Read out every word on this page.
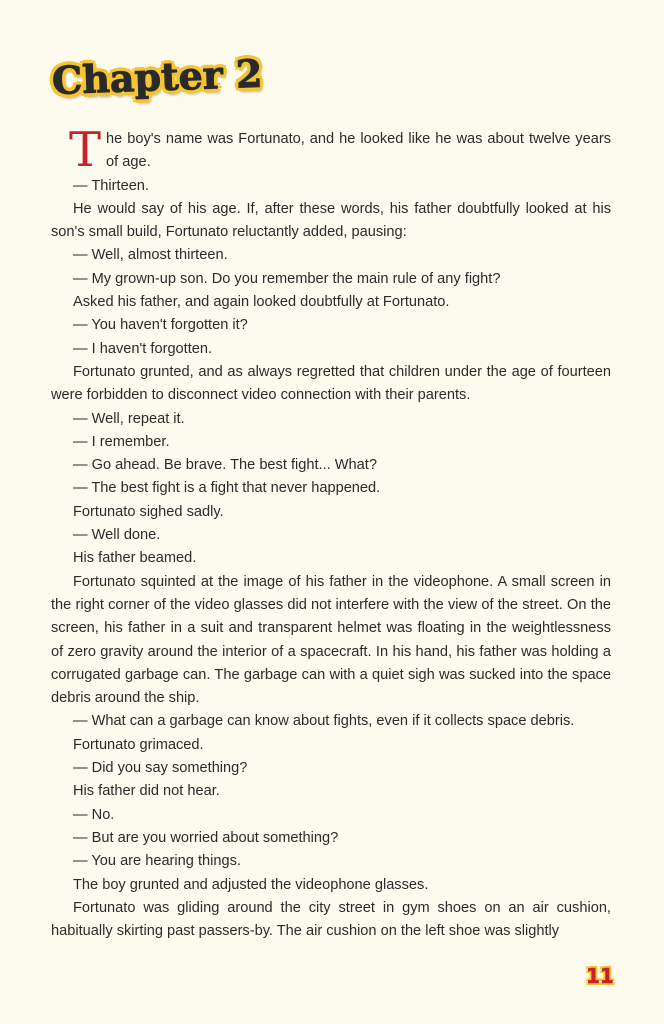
Chapter 2

The boy's name was Fortunato, and he looked like he was about twelve years of age.

— Thirteen.

He would say of his age. If, after these words, his father doubtfully looked at his son's small build, Fortunato reluctantly added, pausing:

— Well, almost thirteen.

— My grown-up son. Do you remember the main rule of any fight?

Asked his father, and again looked doubtfully at Fortunato.

— You haven't forgotten it?

— I haven't forgotten.

Fortunato grunted, and as always regretted that children under the age of fourteen were forbidden to disconnect video connection with their parents.

— Well, repeat it.

— I remember.

— Go ahead. Be brave. The best fight... What?

— The best fight is a fight that never happened.

Fortunato sighed sadly.

— Well done.

His father beamed.

Fortunato squinted at the image of his father in the videophone. A small screen in the right corner of the video glasses did not interfere with the view of the street. On the screen, his father in a suit and transparent helmet was floating in the weightlessness of zero gravity around the interior of a spacecraft. In his hand, his father was holding a corrugated garbage can. The garbage can with a quiet sigh was sucked into the space debris around the ship.

— What can a garbage can know about fights, even if it collects space debris.

Fortunato grimaced.

— Did you say something?

His father did not hear.

— No.

— But are you worried about something?

— You are hearing things.

The boy grunted and adjusted the videophone glasses.

Fortunato was gliding around the city street in gym shoes on an air cushion, habitually skirting past passers-by. The air cushion on the left shoe was slightly

11
